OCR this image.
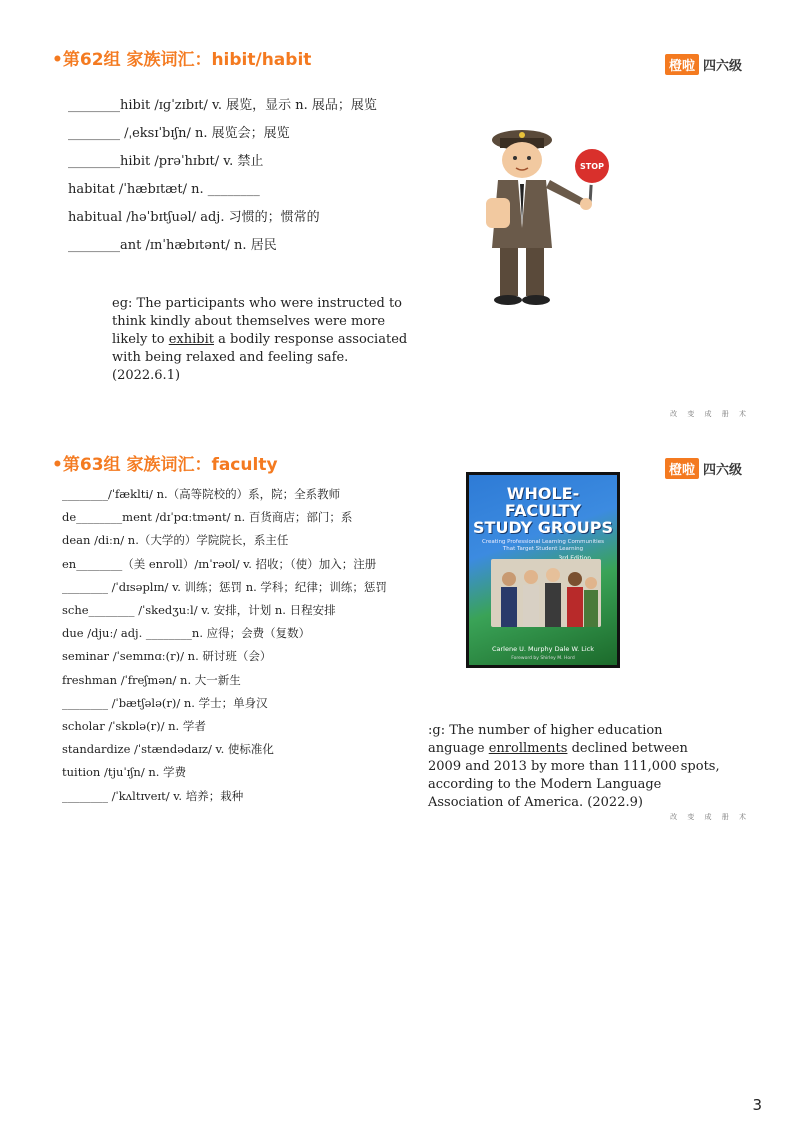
•第62组 家族词汇：hibit/habit	橙啦 四六级
________hibit /ɪɡˈzɪbɪt/ v. 展览，显示 n. 展品；展览
________ /ˌeksɪˈbɪʃn/ n. 展览会；展览
________hibit /prəˈhɪbɪt/ v. 禁止
habitat /ˈhæbɪtæt/ n. ________
habitual /həˈbɪtʃuəl/ adj. 习惯的；惯常的
________ant /ɪnˈhæbɪtənt/ n. 居民
STOP
eg: The participants who were instructed to think kindly about themselves were more likely to exhibit a bodily response associated with being relaxed and feeling safe. (2022.6.1)
改 变 成 册 术
•第63组 家族词汇：faculty	橙啦 四六级
________/ˈfæklti/ n.（高等院校的）系，院；全系教师
de________ment /dɪˈpɑːtmənt/ n. 百货商店；部门；系
dean /diːn/ n.（大学的）学院院长，系主任
en________（美 enroll）/ɪnˈrəʊl/ v. 招收；（使）加入；注册
________ /ˈdɪsəplɪn/ v. 训练；惩罚 n. 学科；纪律；训练；惩罚
sche________ /ˈskedʒuːl/ v. 安排，计划 n. 日程安排
due /djuː/ adj. ________n. 应得；会费（复数）
seminar /ˈsemɪnɑː(r)/ n. 研讨班（会）
freshman /ˈfreʃmən/ n. 大一新生
________ /ˈbætʃələ(r)/ n. 学士；单身汉
scholar /ˈskɒlə(r)/ n. 学者
standardize /ˈstændədaɪz/ v. 使标准化
tuition /tjuˈɪʃn/ n. 学费
________ /ˈkʌltɪveɪt/ v. 培养；栽种

:g: The number of higher education
anguage enrollments declined between
2009 and 2013 by more than 111,000 spots,
according to the Modern Language
Association of America. (2022.9)

改 变 成 册 术
WHOLE-FACULTY
STUDY GROUPS
Creating Professional Learning Communities That Target Student Learning
Carlene U. Murphy Dale W. Lick
Foreword by Shirley M. Hord
3
